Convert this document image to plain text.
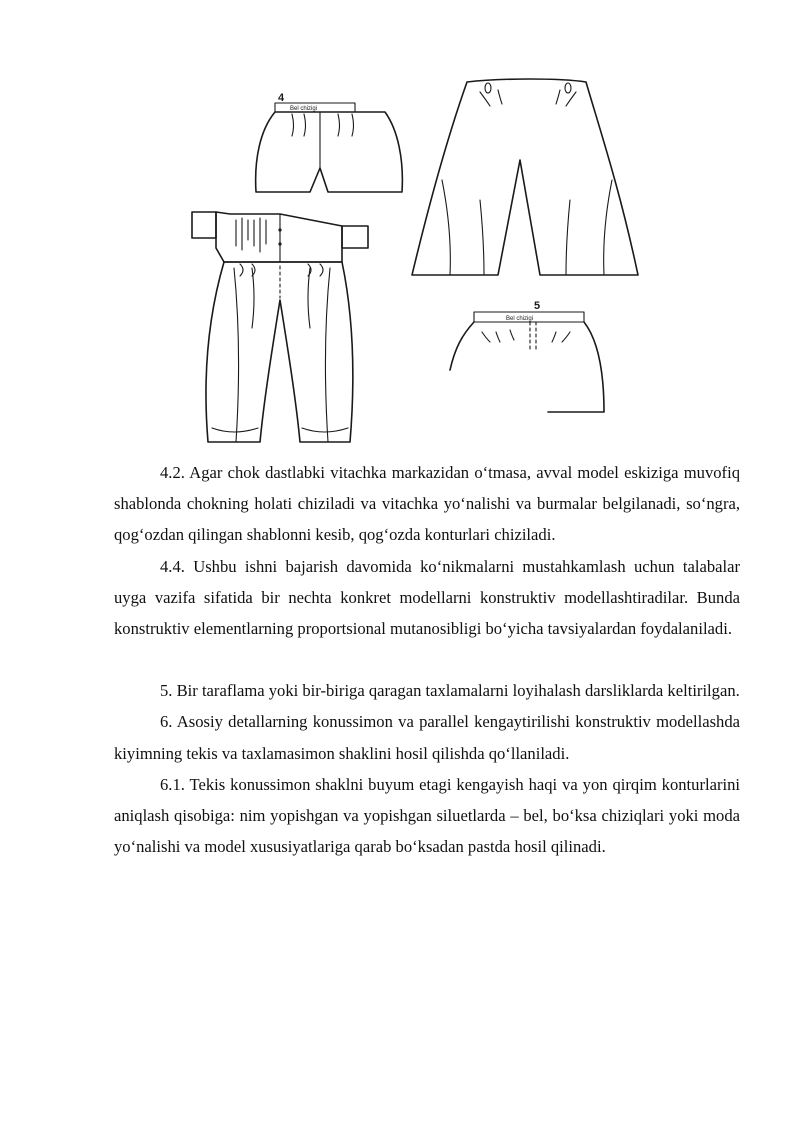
4
Bel chizigi
5
Bel chizigi

4.2. Agar chok dastlabki vitachka markazidan o‘tmasa, avval model eskiziga muvofiq shablonda chokning holati chiziladi va vitachka yo‘nalishi va burmalar belgilanadi, so‘ngra, qog‘ozdan qilingan shablonni kesib, qog‘ozda konturlari chiziladi.

4.4. Ushbu ishni bajarish davomida ko‘nikmalarni mustahkamlash uchun talabalar uyga vazifa sifatida bir nechta konkret modellarni konstruktiv modellashtiradilar. Bunda konstruktiv elementlarning proportsional mutanosibligi bo‘yicha tavsiyalardan foydalaniladi.

5. Bir taraflama yoki bir-biriga qaragan taxlamalarni loyihalash darsliklarda keltirilgan.

6. Asosiy detallarning konussimon va parallel kengaytirilishi konstruktiv modellashda kiyimning tekis va taxlamasimon shaklini hosil qilishda qo‘llaniladi.

6.1. Tekis konussimon shaklni buyum etagi kengayish haqi va yon qirqim konturlarini aniqlash qisobiga: nim yopishgan va yopishgan siluetlarda – bel, bo‘ksa chiziqlari yoki moda yo‘nalishi va model xususiyatlariga qarab bo‘ksadan pastda hosil qilinadi.
